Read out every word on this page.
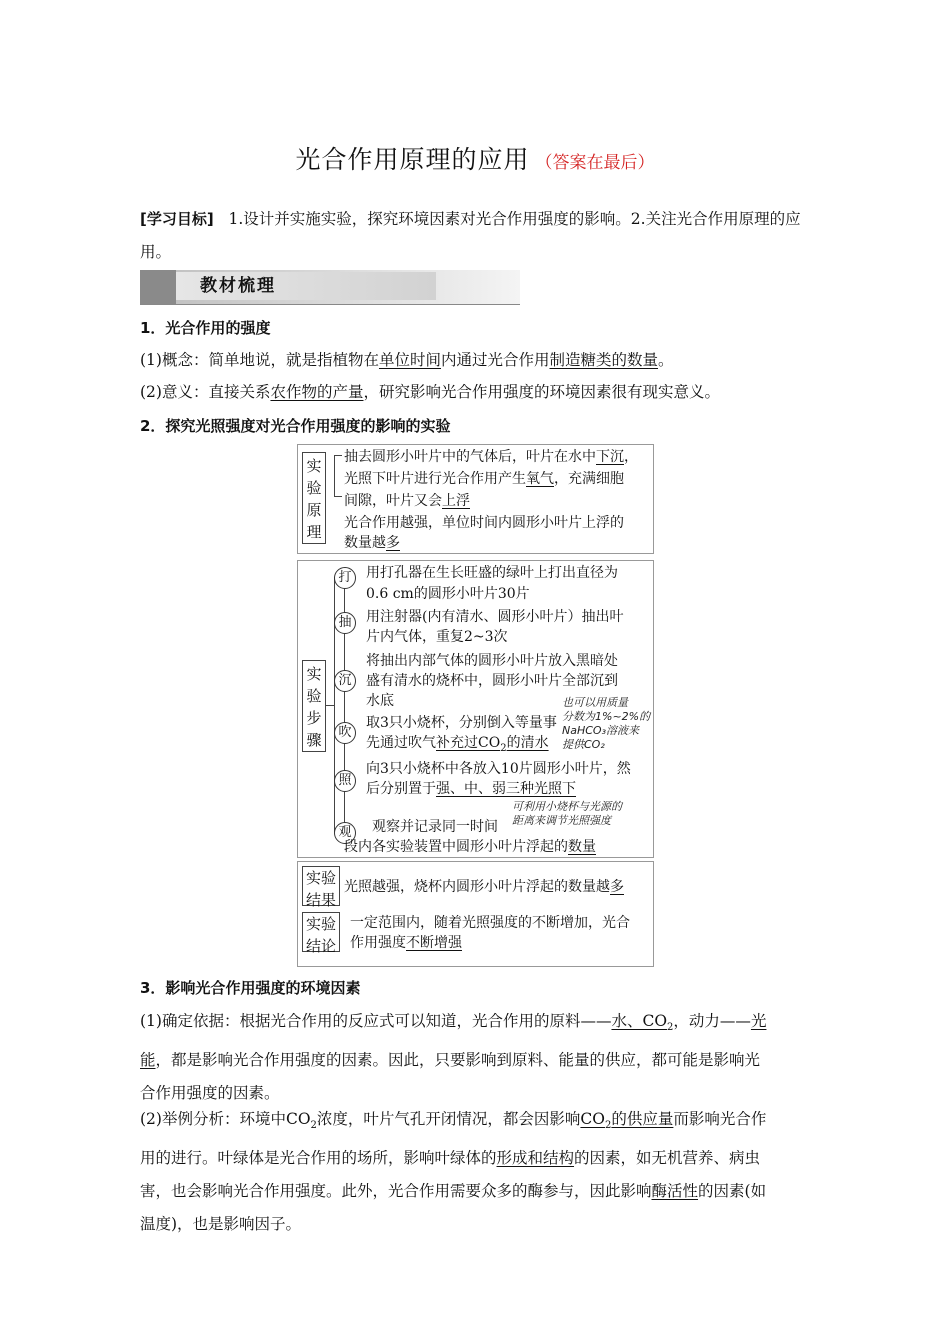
光合作用原理的应用 （答案在最后）
[学习目标] 1.设计并实施实验，探究环境因素对光合作用强度的影响。2.关注光合作用原理的应用。
教材梳理
1．光合作用的强度
(1)概念：简单地说，就是指植物在单位时间内通过光合作用制造糖类的数量。
(2)意义：直接关系农作物的产量，研究影响光合作用强度的环境因素很有现实意义。
2．探究光照强度对光合作用强度的影响的实验
实验原理
抽去圆形小叶片中的气体后，叶片在水中下沉，
光照下叶片进行光合作用产生氧气，充满细胞
间隙，叶片又会上浮
光合作用越强，单位时间内圆形小叶片上浮的
数量越多
实验步骤
打	用打孔器在生长旺盛的绿叶上打出直径为
0.6 cm的圆形小叶片30片
抽	用注射器(内有清水、圆形小叶片）抽出叶
片内气体，重复2~3次
沉
将抽出内部气体的圆形小叶片放入黑暗处
盛有清水的烧杯中，圆形小叶片全部沉到
水底
吹
取3只小烧杯，分别倒入等量事
先通过吹气补充过$CO_2$的清水
照
向3只小烧杯中各放入10片圆形小叶片，然
后分别置于强、中、弱三种光照下
观	观察并记录同一时间
段内各实验装置中圆形小叶片浮起的数量
也可以用质量
分数为1%~2%的
NaHCO₃溶液来
提供CO₂
可利用小烧杯与光源的
距离来调节光照强度
实验结果
光照越强，烧杯内圆形小叶片浮起的数量越多
实验结论
一定范围内，随着光照强度的不断增加，光合
作用强度不断增强
3．影响光合作用强度的环境因素
(1)确定依据：根据光合作用的反应式可以知道，光合作用的原料——水、$CO_2$，动力——光
能，都是影响光合作用强度的因素。因此，只要影响到原料、能量的供应，都可能是影响光
合作用强度的因素。
(2)举例分析：环境中$CO_2$浓度，叶片气孔开闭情况，都会因影响$CO_2$的供应量而影响光合作
用的进行。叶绿体是光合作用的场所，影响叶绿体的形成和结构的因素，如无机营养、病虫
害，也会影响光合作用强度。此外，光合作用需要众多的酶参与，因此影响酶活性的因素(如
温度)，也是影响因子。
